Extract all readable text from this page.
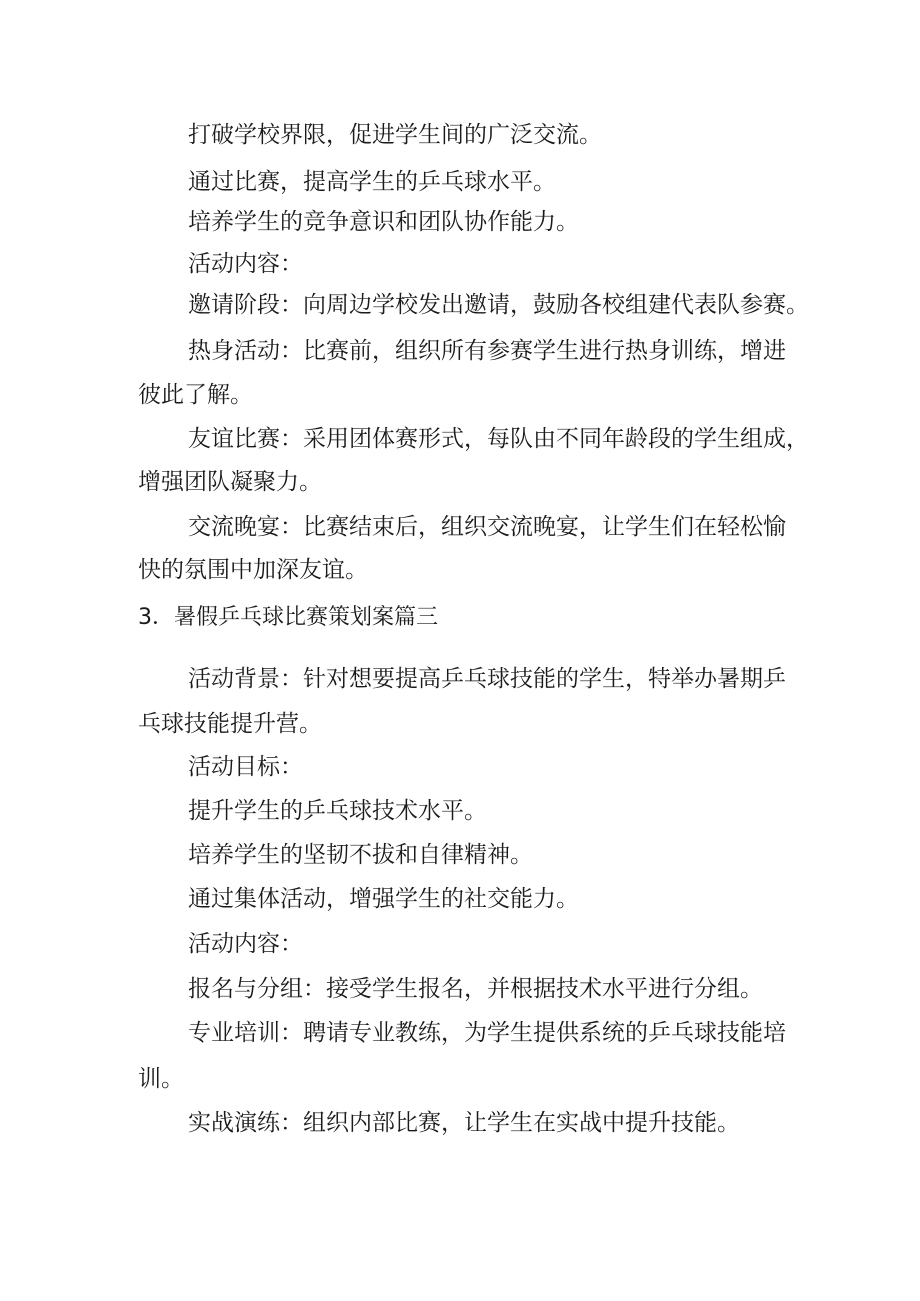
打破学校界限，促进学生间的广泛交流。

通过比赛，提高学生的乒乓球水平。

培养学生的竞争意识和团队协作能力。

活动内容：

邀请阶段：向周边学校发出邀请，鼓励各校组建代表队参赛。

热身活动：比赛前，组织所有参赛学生进行热身训练，增进

彼此了解。

友谊比赛：采用团体赛形式，每队由不同年龄段的学生组成，

增强团队凝聚力。

交流晚宴：比赛结束后，组织交流晚宴，让学生们在轻松愉

快的氛围中加深友谊。

3．暑假乒乓球比赛策划案篇三

活动背景：针对想要提高乒乓球技能的学生，特举办暑期乒

乓球技能提升营。

活动目标：

提升学生的乒乓球技术水平。

培养学生的坚韧不拔和自律精神。

通过集体活动，增强学生的社交能力。

活动内容：

报名与分组：接受学生报名，并根据技术水平进行分组。

专业培训：聘请专业教练，为学生提供系统的乒乓球技能培

训。

实战演练：组织内部比赛，让学生在实战中提升技能。
